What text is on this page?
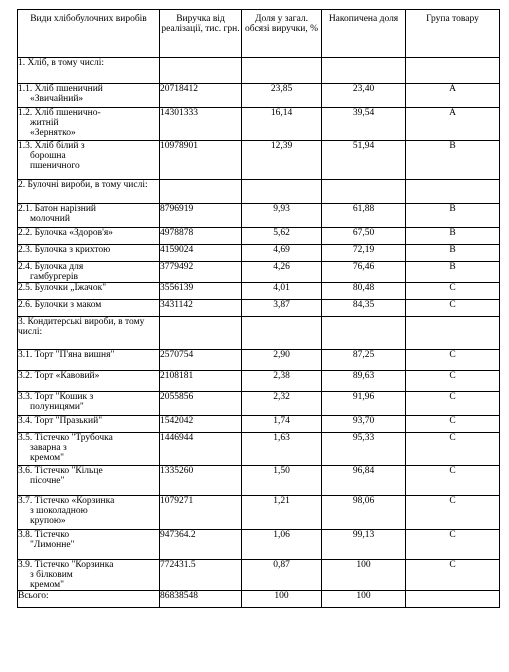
Види хлібобулочних виробів	Виручка від реалізації, тис. грн.	Доля у загал. обсязі виручки, %	Накопичена доля	Група товару
1. Хліб, в тому числі:				

1.1. Хліб пшеничний
«Звичайний»	20718412	23,85	23,40	А

1.2. Хліб пшенично-
житній
«Зернятко»	14301333	16,14	39,54	А

1.3. Хліб білий з
борошна
пшеничного	10978901	12,39	51,94	В
2. Булочні вироби, в тому числі:				

2.1. Батон нарізний
молочний	8796919	9,93	61,88	В

2.2. Булочка «Здоров'я»	4978878	5,62	67,50	В

2.3. Булочка з крихтою	4159024	4,69	72,19	В

2.4. Булочка для
гамбургерів	3779492	4,26	76,46	В

2.5. Булочки „Їжачок"	3556139	4,01	80,48	С

2.6. Булочки з маком	3431142	3,87	84,35	С
3. Кондитерські вироби, в тому числі:				

3.1. Торт "П'яна вишня"	2570754	2,90	87,25	С

3.2. Торт «Кавовий»	2108181	2,38	89,63	С

3.3. Торт "Кошик з
полуницями"	2055856	2,32	91,96	С

3.4. Торт "Празький"	1542042	1,74	93,70	С

3.5. Тістечко "Трубочка
заварна з
кремом"	1446944	1,63	95,33	С

3.6. Тістечко "Кільце
пісочне"	1335260	1,50	96,84	С

3.7. Тістечко «Корзинка
з шоколадною
крупою»	1079271	1,21	98,06	С

3.8. Тістечко
"Лимонне"	947364.2	1,06	99,13	С

3.9. Тістечко "Корзинка
з білковим
кремом"	772431.5	0,87	100	С
Всього:	86838548	100	100	
